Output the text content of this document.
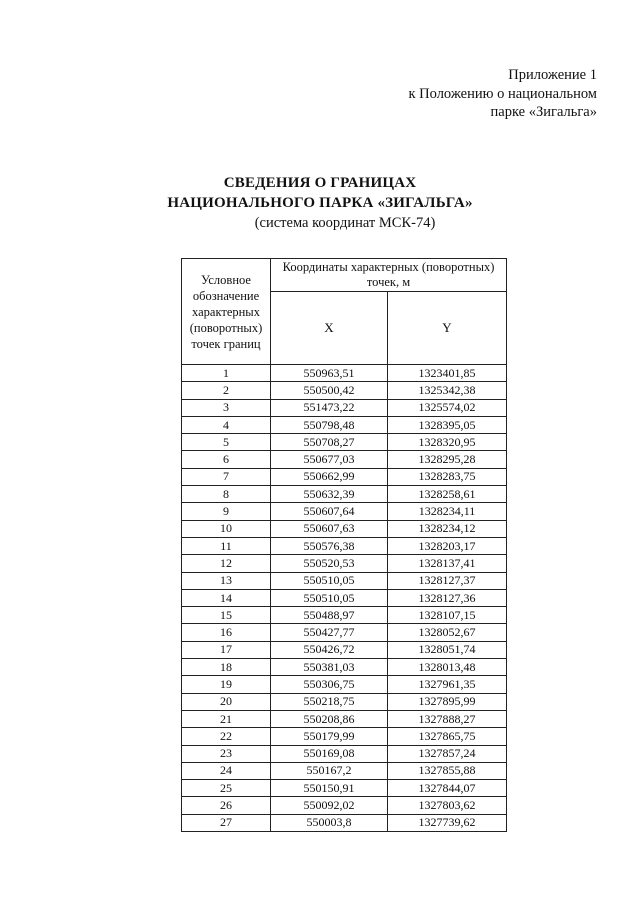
Приложение 1
к Положению о национальном
парке «Зигальга»
СВЕДЕНИЯ О ГРАНИЦАХ
НАЦИОНАЛЬНОГО ПАРКА «ЗИГАЛЬГА»
(система координат МСК-74)
Условное обозначение характерных (поворотных) точек границ	Координаты характерных (поворотных) точек, м	
	X	Y
1	550963,51	1323401,85
2	550500,42	1325342,38
3	551473,22	1325574,02
4	550798,48	1328395,05
5	550708,27	1328320,95
6	550677,03	1328295,28
7	550662,99	1328283,75
8	550632,39	1328258,61
9	550607,64	1328234,11
10	550607,63	1328234,12
11	550576,38	1328203,17
12	550520,53	1328137,41
13	550510,05	1328127,37
14	550510,05	1328127,36
15	550488,97	1328107,15
16	550427,77	1328052,67
17	550426,72	1328051,74
18	550381,03	1328013,48
19	550306,75	1327961,35
20	550218,75	1327895,99
21	550208,86	1327888,27
22	550179,99	1327865,75
23	550169,08	1327857,24
24	550167,2	1327855,88
25	550150,91	1327844,07
26	550092,02	1327803,62
27	550003,8	1327739,62
